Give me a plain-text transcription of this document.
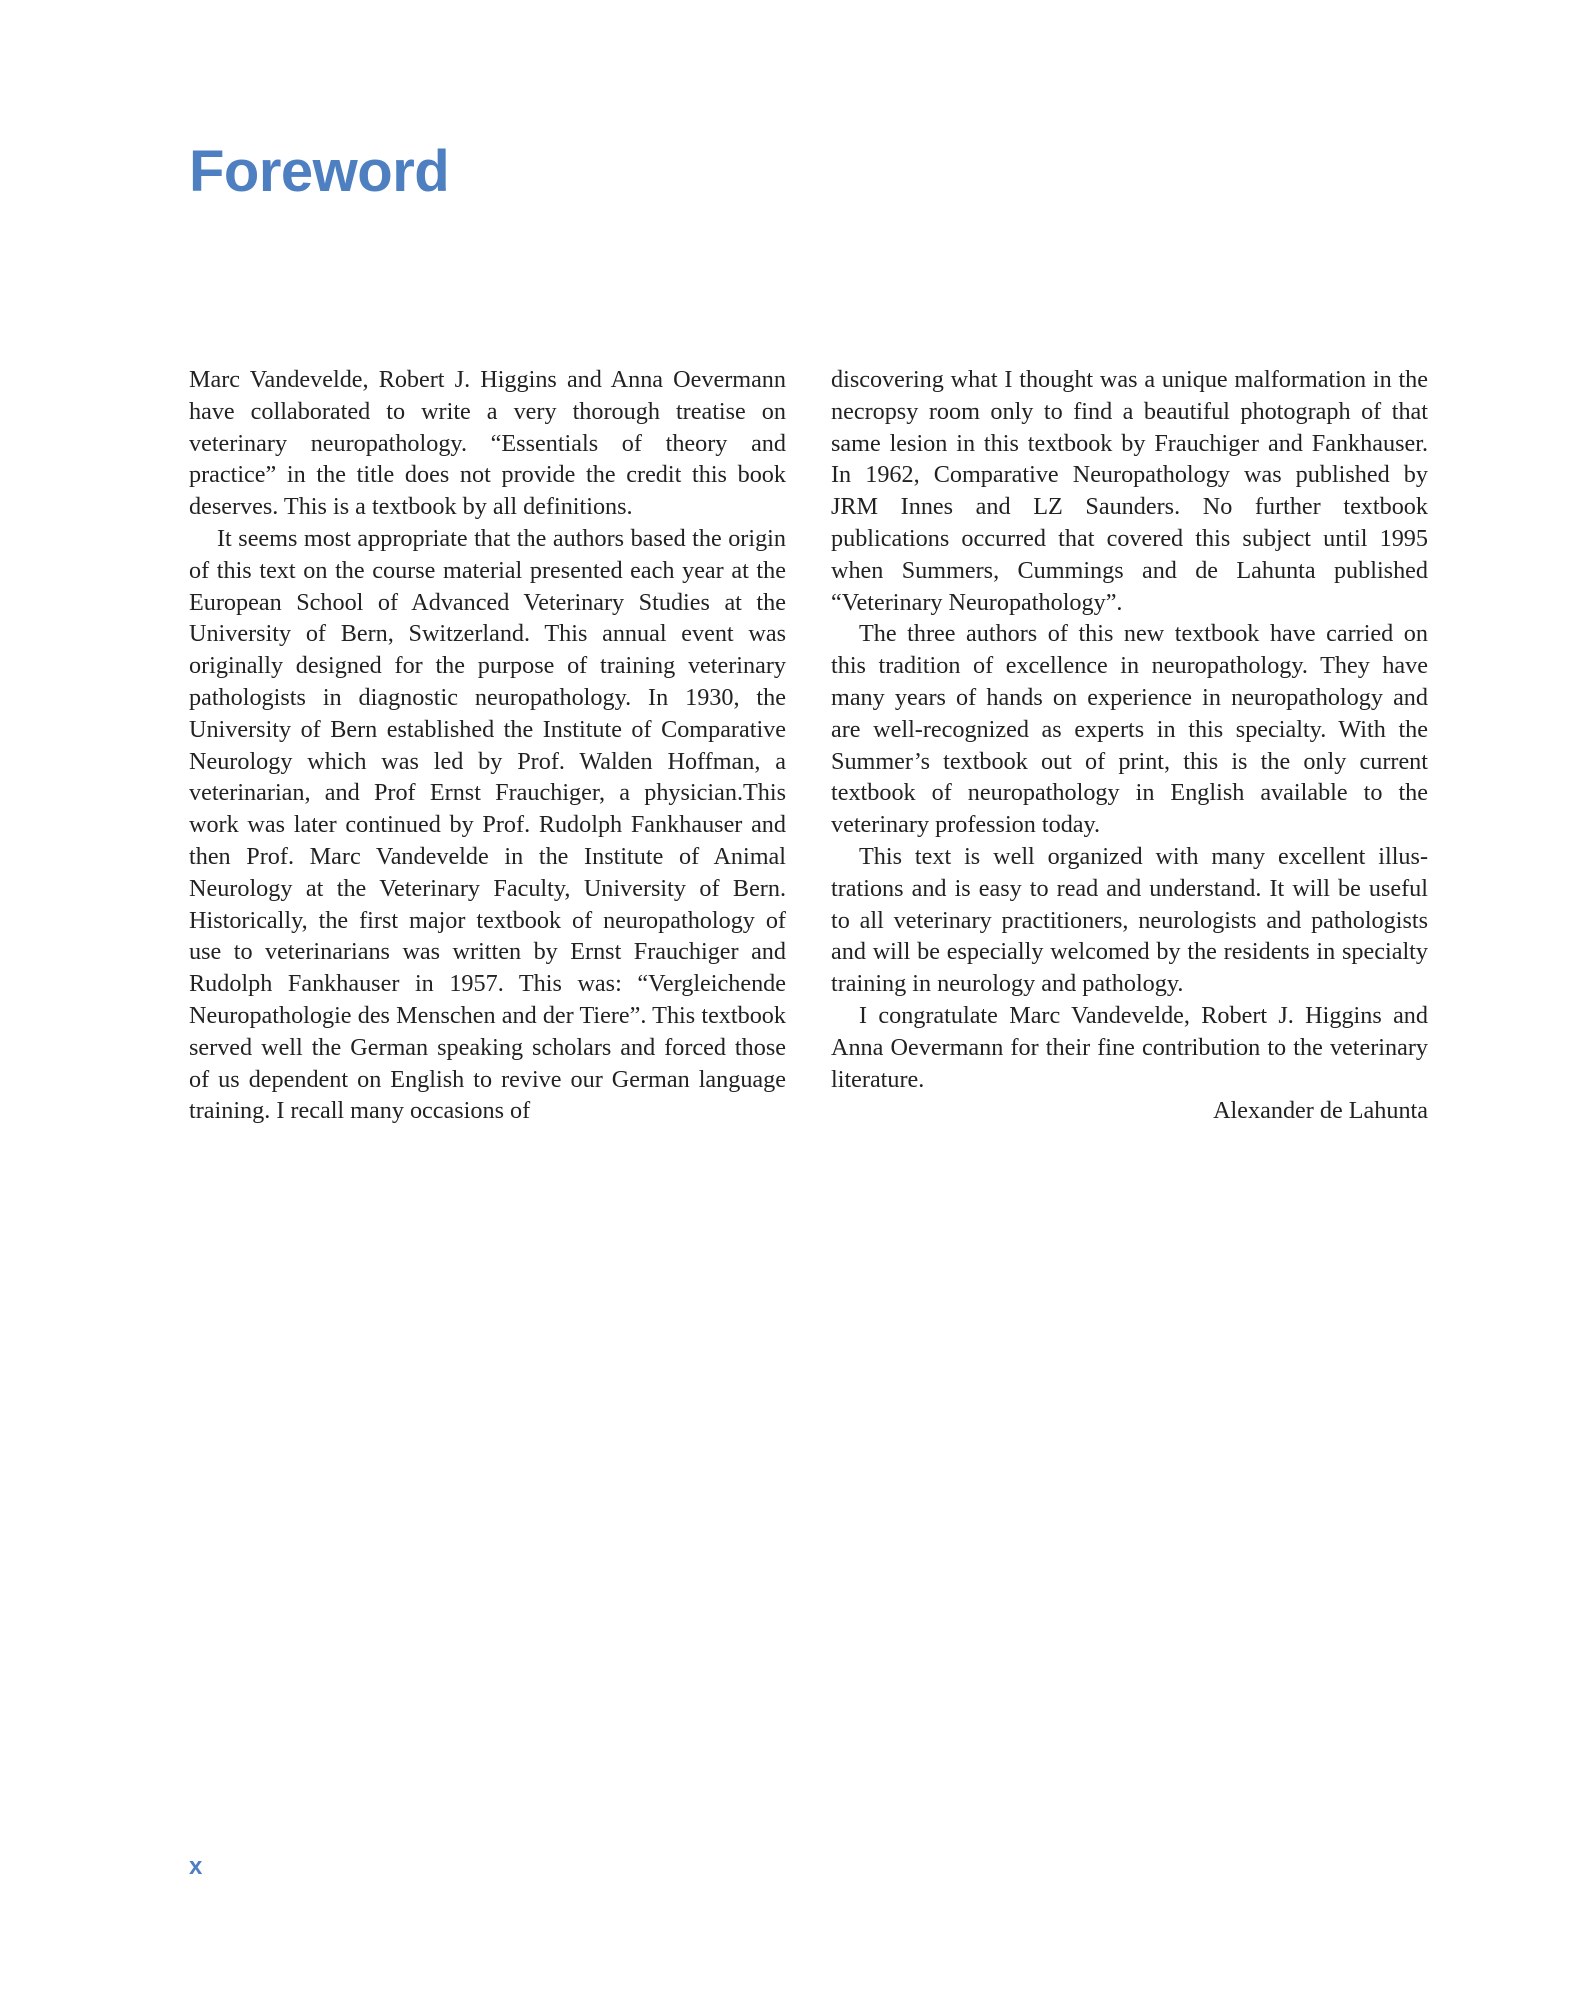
Foreword

Marc Vandevelde, Robert J. Higgins and Anna Oevermann have collaborated to write a very thorough treatise on veterinary neuropathology. “Essentials of theory and practice” in the title does not provide the credit this book deserves. This is a textbook by all definitions.

It seems most appropriate that the authors based the origin of this text on the course material presented each year at the European School of Advanced Veterinary Studies at the University of Bern, Switzerland. This annual event was originally designed for the purpose of training veterinary pathologists in diagnostic neuropathology. In 1930, the University of Bern established the Institute of Comparative Neurology which was led by Prof. Walden Hoffman, a veterinarian, and Prof Ernst Frauchiger, a physician.This work was later continued by Prof. Rudolph Fankhauser and then Prof. Marc Vandevelde in the Institute of Animal Neurology at the Veterinary Faculty, University of Bern. Historically, the first major textbook of neuropathology of use to veterinarians was written by Ernst Frauchiger and Rudolph Fankhauser in 1957. This was: “Vergleichende Neuropathologie des Menschen and der Tiere”. This textbook served well the German speaking scholars and forced those of us dependent on English to revive our German language training. I recall many occasions of

discovering what I thought was a unique malformation in the necropsy room only to find a beautiful photograph of that same lesion in this textbook by Frauchiger and Fankhauser. In 1962, Comparative Neuropathology was published by JRM Innes and LZ Saunders. No further textbook publications occurred that covered this subject until 1995 when Summers, Cummings and de Lahunta published “Veterinary Neuropathology”.

The three authors of this new textbook have carried on this tradition of excellence in neuropathology. They have many years of hands on experience in neuropathology and are well-recognized as experts in this specialty. With the Summer’s textbook out of print, this is the only current textbook of neuropathology in English available to the veterinary profession today.

This text is well organized with many excellent illustrations and is easy to read and understand. It will be useful to all veterinary practitioners, neurologists and pathologists and will be especially welcomed by the residents in specialty training in neurology and pathology.

I congratulate Marc Vandevelde, Robert J. Higgins and Anna Oevermann for their fine contribution to the veterinary literature.

Alexander de Lahunta

x
